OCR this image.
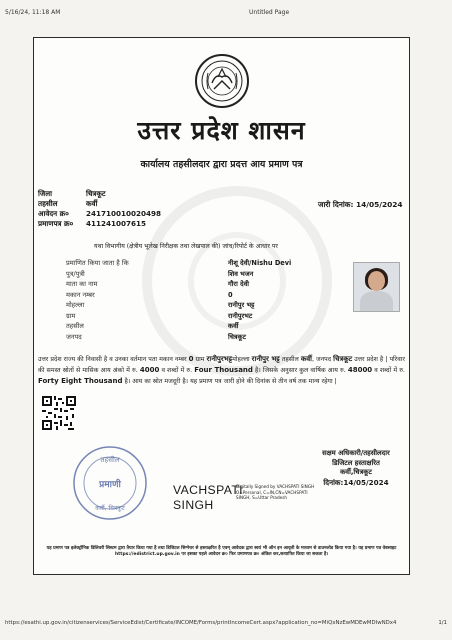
5/16/24, 11:18 AM	Untitled Page
उत्तर प्रदेश शासन
कार्यालय तहसीलदार द्वारा प्रदत्त आय प्रमाण पत्र
जिला	चित्रकूट
तहसील	कर्वी
आवेदन क्र०	241710010020498
प्रमाणपत्र क्र०	411241007615
जारी दिनांक: 14/05/2024
यथा विभागीय (क्षेत्रीय भूलेख निरीक्षक तथा लेखपाल की) जांच/रिपोर्ट के आधार पर
प्रमाणित किया जाता है कि	नीशू देवी/Nishu Devi
पुत्र/पुत्री	शिव भजन
माता का नाम	गौरा देवी
मकान नम्बर	0
मोहल्ला	रानीपुर भट्ट
ग्राम	रानीपुरभट
तहसील	कर्वी
जनपद	चित्रकूट
उत्तर प्रदेश राज्य की निवासी है व उनका वर्तमान पता मकान नम्बर 0 ग्राम रानीपुरभट्टमोहल्ला रानीपुर भट्ट तहसील कर्वी, जनपद चित्रकूट उत्तर प्रदेश है | परिवार की समस्त स्रोतों से मासिक आय अंको में रु. 4000 व शब्दों में रु. Four Thousand है। जिसके अनुसार कुल वार्षिक आय रु. 48000 व शब्दों में रु. Forty Eight Thousand है। आय का स्रोत मजदूरी है। यह प्रमाण पत्र जारी होने की दिनांक से तीन वर्ष तक मान्य रहेगा |
तहसील
प्रमाणी
कर्वी, चित्रकूट
VACHSPATI
SINGH
Digitally Signed by VACHSPATI SINGH O=Personal, C=IN,CN=VACHSPATI SINGH, S=Uttar Pradesh
सक्षम अधिकारी/तहसीलदार
डिजिटल हस्ताक्षरित
कर्वी,चित्रकूट
दिनांक:14/05/2024
यह प्रमाण पत्र इलेक्ट्रॉनिक डिलिवरी सिस्टम द्वारा तैयार किया गया है तथा डिजिटल सिग्नेचर से हस्ताक्षरित है एवम् आवेदक द्वारा स्वयं भी ऑन इन आवृती के माध्यम से डाउनलोड किया गया है। यह प्रमाण पत्र वेबसाइट https://edistrict.up.gov.in पर इसका पहले आवेदन क्र० फिर प्रमाणपत्र क्र० अंकित कर,सत्यापित किया जा सकता है।
https://esathi.up.gov.in/citizenservices/ServiceEdist/Certificate/INCOME/Forms/printIncomeCert.aspx?application_no=MiQxNzEwMDEwMDIwNDx4	1/1
